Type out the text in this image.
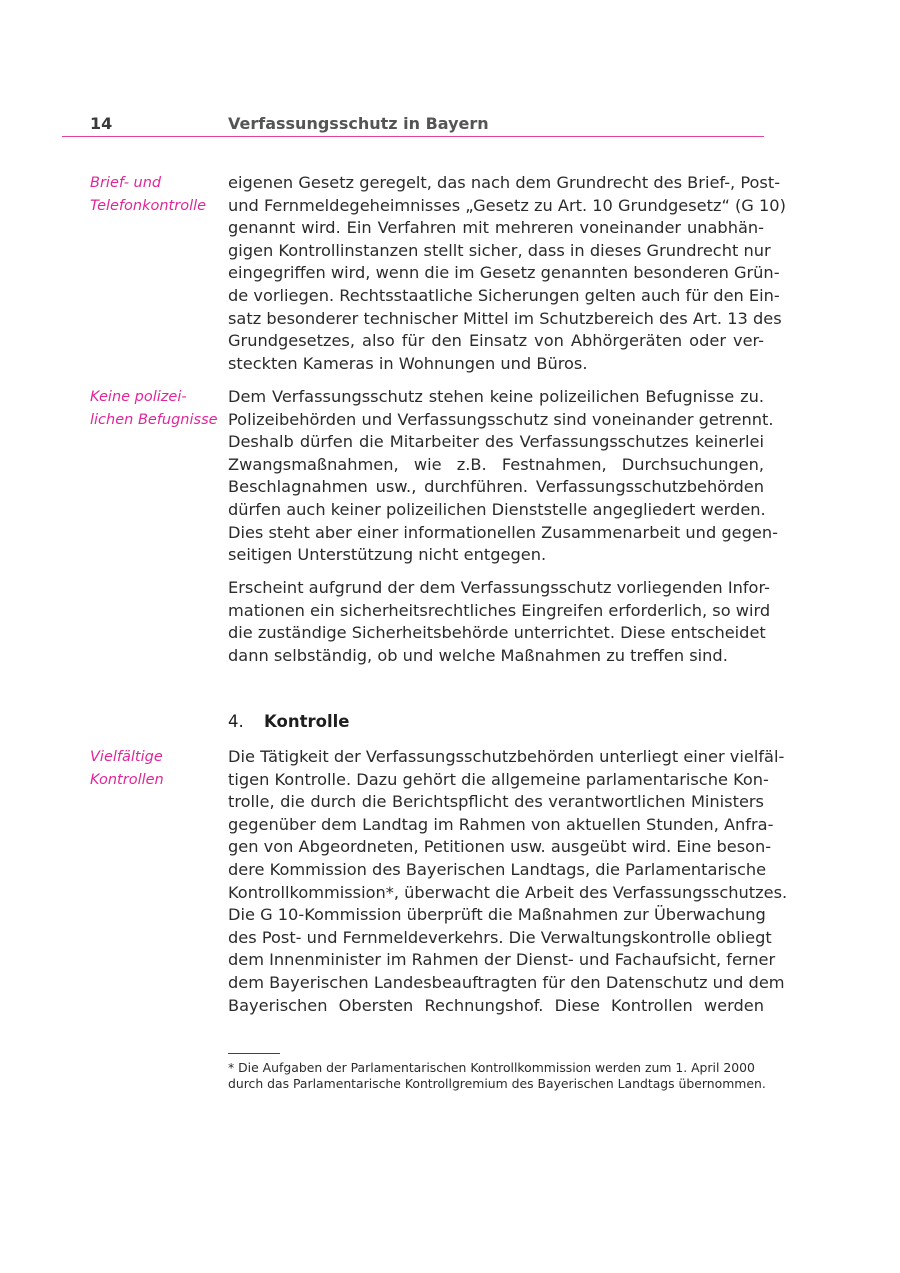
14	Verfassungsschutz in Bayern
Brief- und
Telefonkontrolle
eigenen Gesetz geregelt, das nach dem Grundrecht des Brief-, Post-
und Fernmeldegeheimnisses „Gesetz zu Art. 10 Grundgesetz“ (G 10)
genannt wird. Ein Verfahren mit mehreren voneinander unabhän-
gigen Kontrollinstanzen stellt sicher, dass in dieses Grundrecht nur
eingegriffen wird, wenn die im Gesetz genannten besonderen Grün-
de vorliegen. Rechtsstaatliche Sicherungen gelten auch für den Ein-
satz besonderer technischer Mittel im Schutzbereich des Art. 13 des
Grundgesetzes, also für den Einsatz von Abhörgeräten oder ver-
steckten Kameras in Wohnungen und Büros.
Keine polizei-
lichen Befugnisse
Dem Verfassungsschutz stehen keine polizeilichen Befugnisse zu.
Polizeibehörden und Verfassungsschutz sind voneinander getrennt.
Deshalb dürfen die Mitarbeiter des Verfassungsschutzes keinerlei
Zwangsmaßnahmen, wie z.B. Festnahmen, Durchsuchungen,
Beschlagnahmen usw., durchführen. Verfassungsschutzbehörden
dürfen auch keiner polizeilichen Dienststelle angegliedert werden.
Dies steht aber einer informationellen Zusammenarbeit und gegen-
seitigen Unterstützung nicht entgegen.
Erscheint aufgrund der dem Verfassungsschutz vorliegenden Infor-
mationen ein sicherheitsrechtliches Eingreifen erforderlich, so wird
die zuständige Sicherheitsbehörde unterrichtet. Diese entscheidet
dann selbständig, ob und welche Maßnahmen zu treffen sind.
4. Kontrolle
Vielfältige
Kontrollen
Die Tätigkeit der Verfassungsschutzbehörden unterliegt einer vielfäl-
tigen Kontrolle. Dazu gehört die allgemeine parlamentarische Kon-
trolle, die durch die Berichtspflicht des verantwortlichen Ministers
gegenüber dem Landtag im Rahmen von aktuellen Stunden, Anfra-
gen von Abgeordneten, Petitionen usw. ausgeübt wird. Eine beson-
dere Kommission des Bayerischen Landtags, die Parlamentarische
Kontrollkommission*, überwacht die Arbeit des Verfassungsschutzes.
Die G 10-Kommission überprüft die Maßnahmen zur Überwachung
des Post- und Fernmeldeverkehrs. Die Verwaltungskontrolle obliegt
dem Innenminister im Rahmen der Dienst- und Fachaufsicht, ferner
dem Bayerischen Landesbeauftragten für den Datenschutz und dem
Bayerischen Obersten Rechnungshof. Diese Kontrollen werden
* Die Aufgaben der Parlamentarischen Kontrollkommission werden zum 1. April 2000
durch das Parlamentarische Kontrollgremium des Bayerischen Landtags übernommen.
